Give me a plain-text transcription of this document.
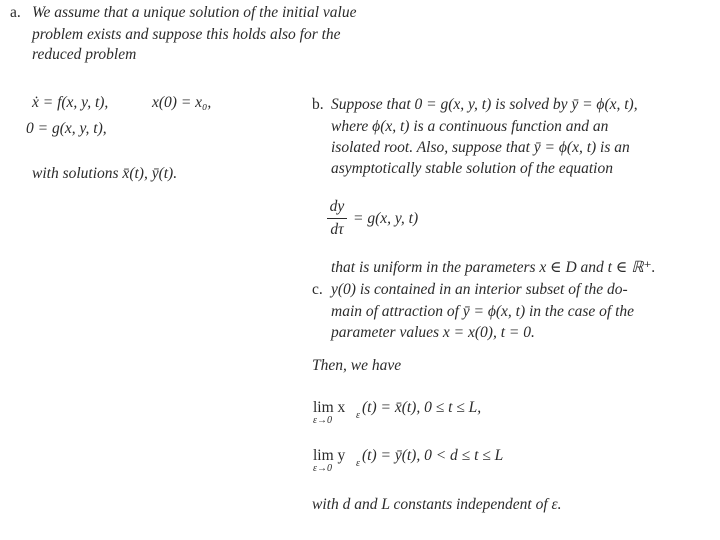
a. We assume that a unique solution of the initial value
problem exists and suppose this holds also for the
reduced problem
ẋ = f(x, y, t),	x(0) = x₀,
0 = g(x, y, t),
with solutions x̄(t), ȳ(t).
b. Suppose that 0 = g(x, y, t) is solved by ȳ = ϕ(x, t),
where ϕ(x, t) is a continuous function and an
isolated root. Also, suppose that ȳ = ϕ(x, t) is an
asymptotically stable solution of the equation
dy
dτ
= g(x, y, t)
that is uniform in the parameters x ∈ D and t ∈ ℝ⁺.
c. y(0) is contained in an interior subset of the do-
main of attraction of ȳ = ϕ(x, t) in the case of the
parameter values x = x(0), t = 0.
Then, we have
lim x ε (t) = x̄(t), 0 ≤ t ≤ L,
ε→0
lim y ε (t) = ȳ(t), 0 < d ≤ t ≤ L
ε→0
with d and L constants independent of ε.
